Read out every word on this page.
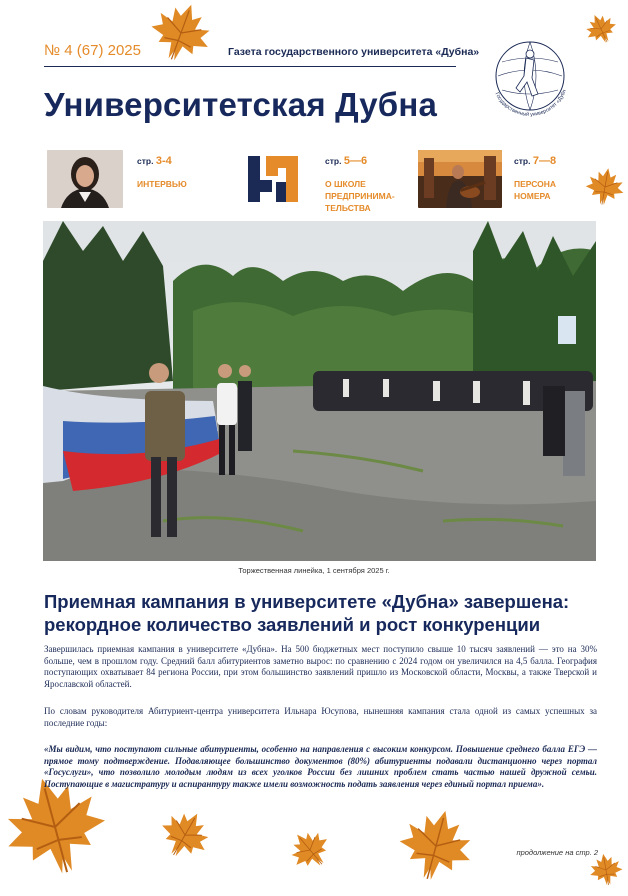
№ 4 (67) 2025	Газета государственного университета «Дубна»
Университетская Дубна	Государственный университет «Дубн
стр. 3-4
ИНТЕРВЬЮ
стр. 5—6
О ШКОЛЕ
ПРЕДПРИНИМА-
ТЕЛЬСТВА
стр. 7—8
ПЕРСОНА
НОМЕРА
Торжественная линейка, 1 сентября 2025 г.
Приемная кампания в университете «Дубна» завершена: рекордное количество заявлений и рост конкуренции
Завершилась приемная кампания в университете «Дубна». На 500 бюджетных мест поступило свыше 10 тысяч заявлений — это на 30% больше, чем в прошлом году. Средний балл абитуриентов заметно вырос: по сравнению с 2024 годом он увеличился на 4,5 балла. География поступающих охватывает 84 региона России, при этом большинство заявлений пришло из Московской области, Москвы, а также Тверской и Ярославской областей.
По словам руководителя Абитуриент-центра университета Ильнара Юсупова, нынешняя кампания стала одной из самых успешных за последние годы:
«Мы видим, что поступают сильные абитуриенты, особенно на направления с высоким конкурсом. Повышение среднего балла ЕГЭ — прямое тому подтверждение. Подавляющее большинство документов (80%) абитуриенты подавали дистанционно через портал «Госуслуги», что позволило молодым людям из всех уголков России без лишних проблем стать частью нашей дружной семьи. Поступающие в магистратуру и аспирантуру также имели возможность подать заявления через единый портал приема».
продолжение на стр. 2
